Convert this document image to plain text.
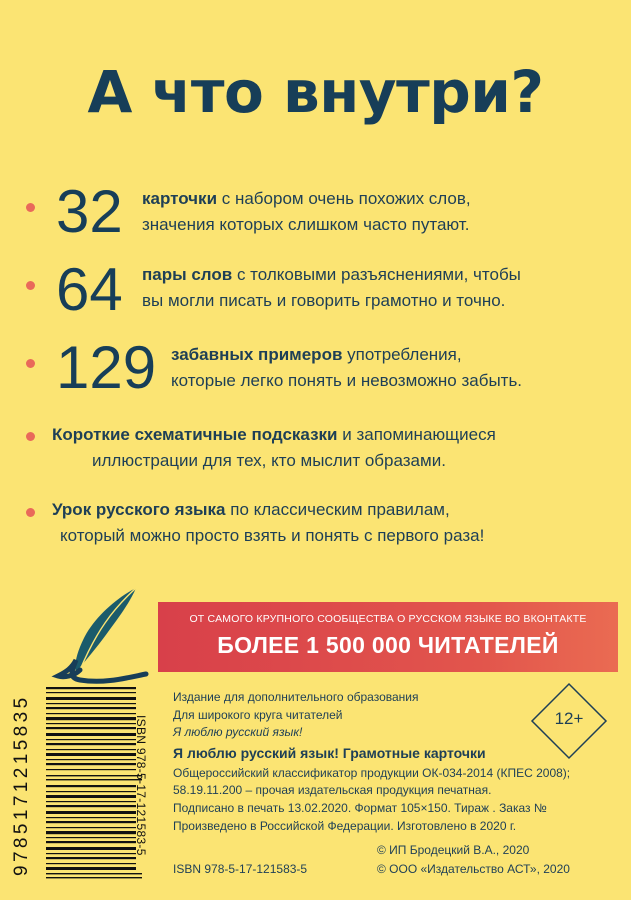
А что внутри?
32 карточки с набором очень похожих слов,
значения которых слишком часто путают.
64 пары слов с толковыми разъяснениями, чтобы
вы могли писать и говорить грамотно и точно.
129 забавных примеров употребления,
которые легко понять и невозможно забыть.
Короткие схематичные подсказки и запоминающиеся
иллюстрации для тех, кто мыслит образами.
Урок русского языка по классическим правилам,
который можно просто взять и понять с первого раза!
ОТ САМОГО КРУПНОГО СООБЩЕСТВА О РУССКОМ ЯЗЫКЕ ВО ВКОНТАКТЕ
БОЛЕЕ 1 500 000 ЧИТАТЕЛЕЙ
9785171215835	ISBN 978-5-17-121583-5
Издание для дополнительного образования
Для широкого круга читателей
Я люблю русский язык!
Я люблю русский язык! Грамотные карточки
Общероссийский классификатор продукции ОК-034-2014 (КПЕС 2008);
58.19.11.200 – прочая издательская продукция печатная.
Подписано в печать 13.02.2020. Формат 105×150. Тираж . Заказ №
Произведено в Российской Федерации. Изготовлено в 2020 г.
© ИП Бродецкий В.А., 2020
ISBN 978-5-17-121583-5	© ООО «Издательство АСТ», 2020
12+
